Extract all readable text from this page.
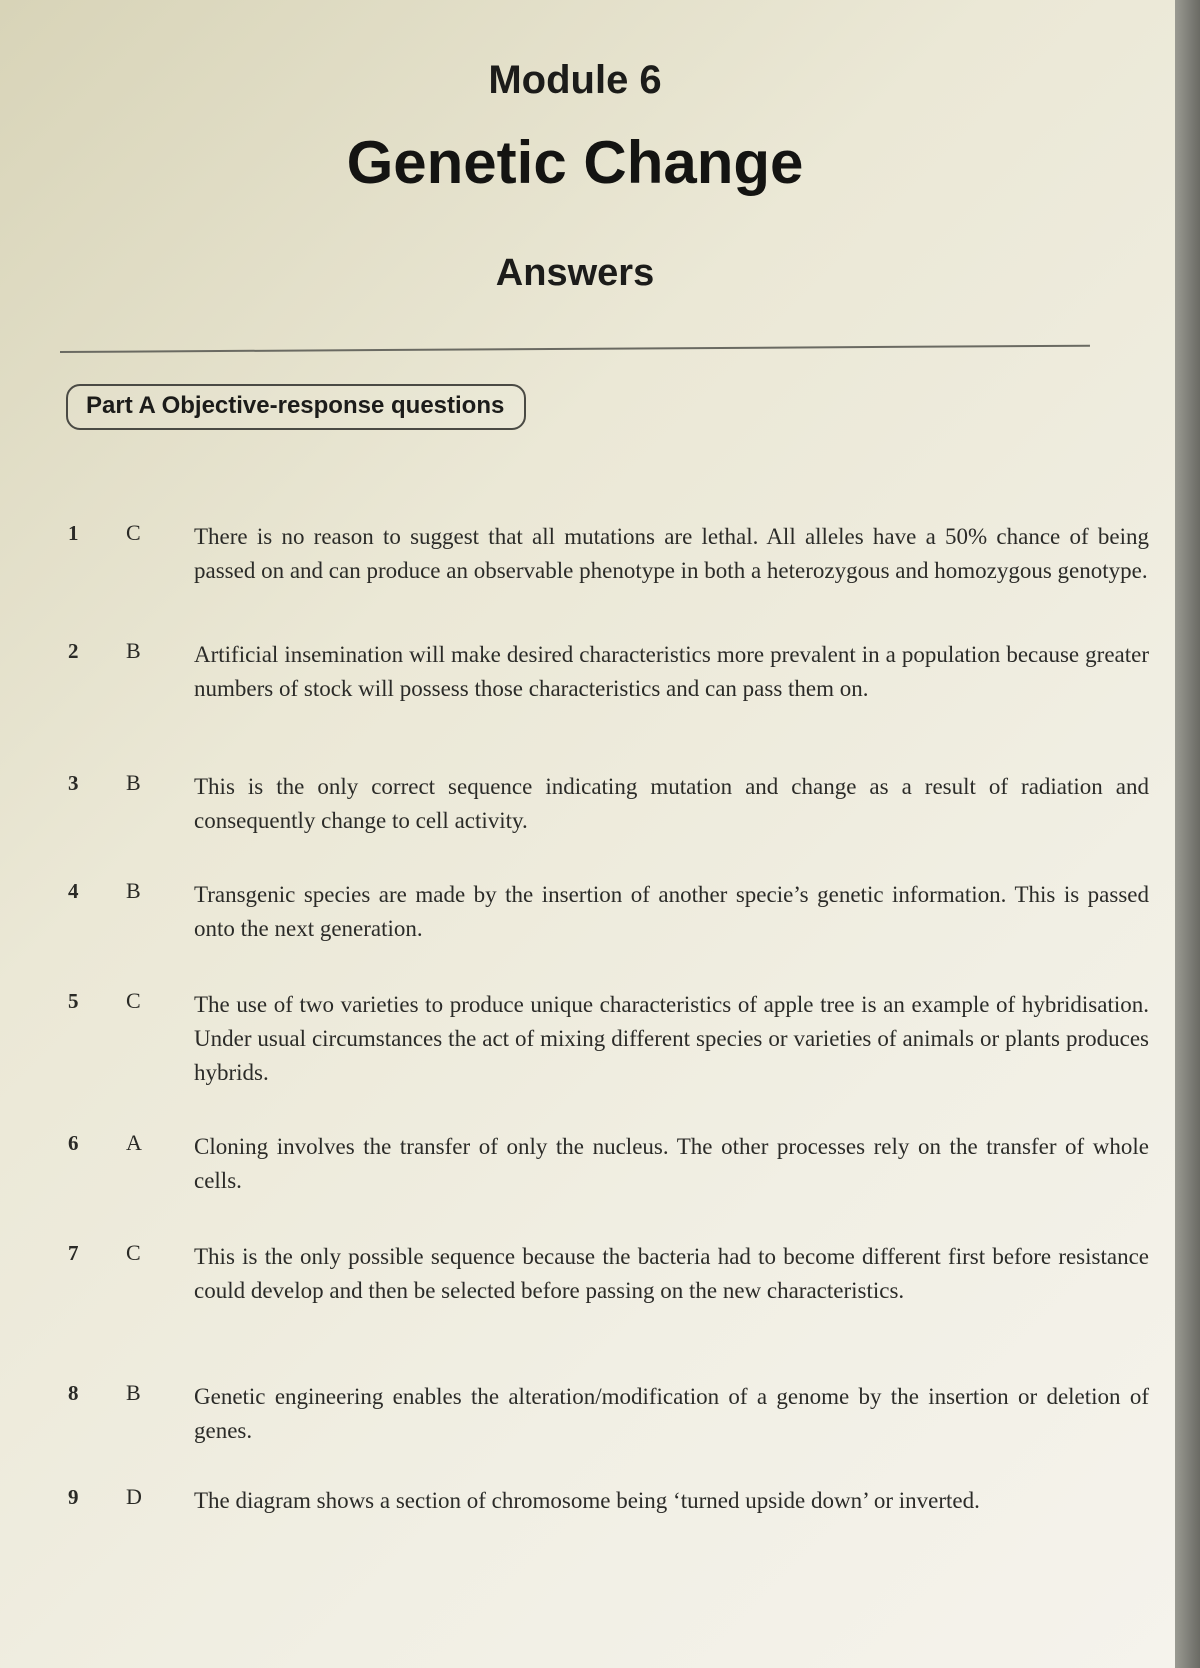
Module 6
Genetic Change
Answers
Part A Objective-response questions
1	C	There is no reason to suggest that all mutations are lethal. All alleles have a 50% chance of being passed on and can produce an observable phenotype in both a heterozygous and homozygous genotype.
2	B	Artificial insemination will make desired characteristics more prevalent in a population because greater numbers of stock will possess those characteristics and can pass them on.
3	B	This is the only correct sequence indicating mutation and change as a result of radiation and consequently change to cell activity.
4	B	Transgenic species are made by the insertion of another specie’s genetic information. This is passed onto the next generation.
5	C	The use of two varieties to produce unique characteristics of apple tree is an example of hybridisation. Under usual circumstances the act of mixing different species or varieties of animals or plants produces hybrids.
6	A	Cloning involves the transfer of only the nucleus. The other processes rely on the transfer of whole cells.
7	C	This is the only possible sequence because the bacteria had to become different first before resistance could develop and then be selected before passing on the new characteristics.
8	B	Genetic engineering enables the alteration/modification of a genome by the insertion or deletion of genes.
9	D	The diagram shows a section of chromosome being ‘turned upside down’ or inverted.
